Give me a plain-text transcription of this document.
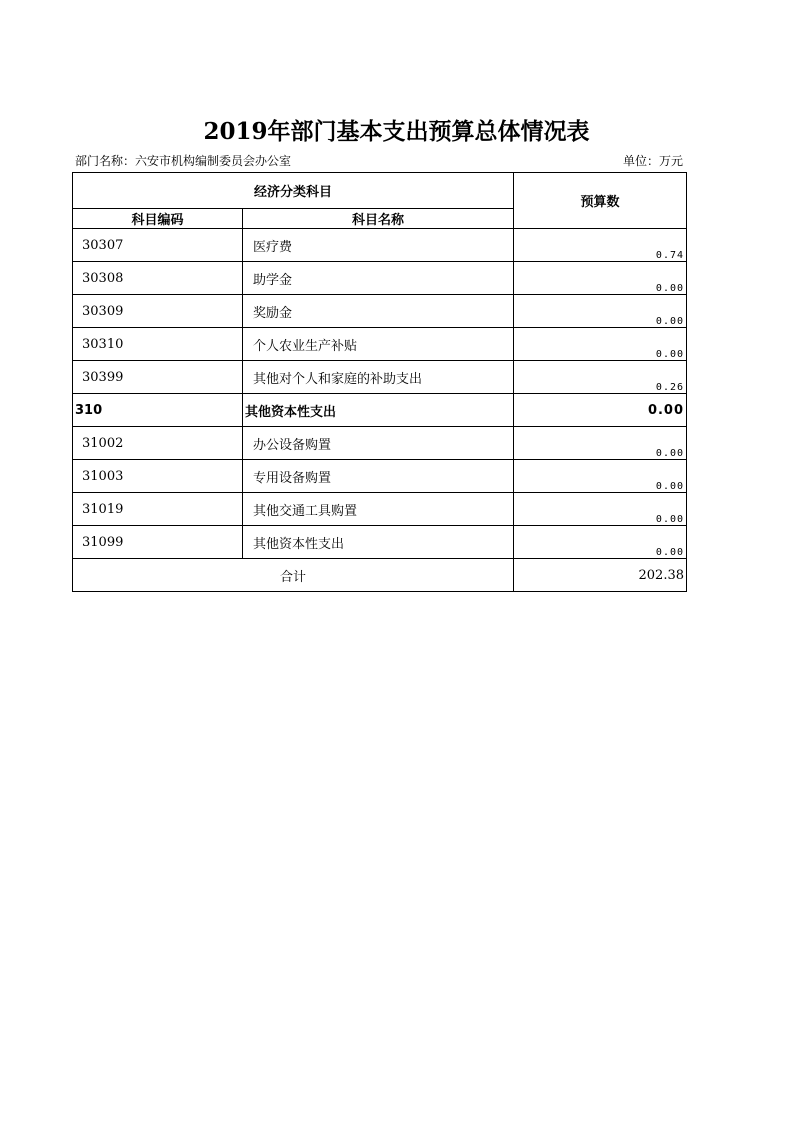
2019年部门基本支出预算总体情况表
部门名称：六安市机构编制委员会办公室	单位：万元
经济分类科目		预算数
科目编码	科目名称	
30307	医疗费	0.74
30308	助学金	0.00
30309	奖励金	0.00
30310	个人农业生产补贴	0.00
30399	其他对个人和家庭的补助支出	0.26
310	其他资本性支出	0.00
31002	办公设备购置	0.00
31003	专用设备购置	0.00
31019	其他交通工具购置	0.00
31099	其他资本性支出	0.00
合计		202.38
